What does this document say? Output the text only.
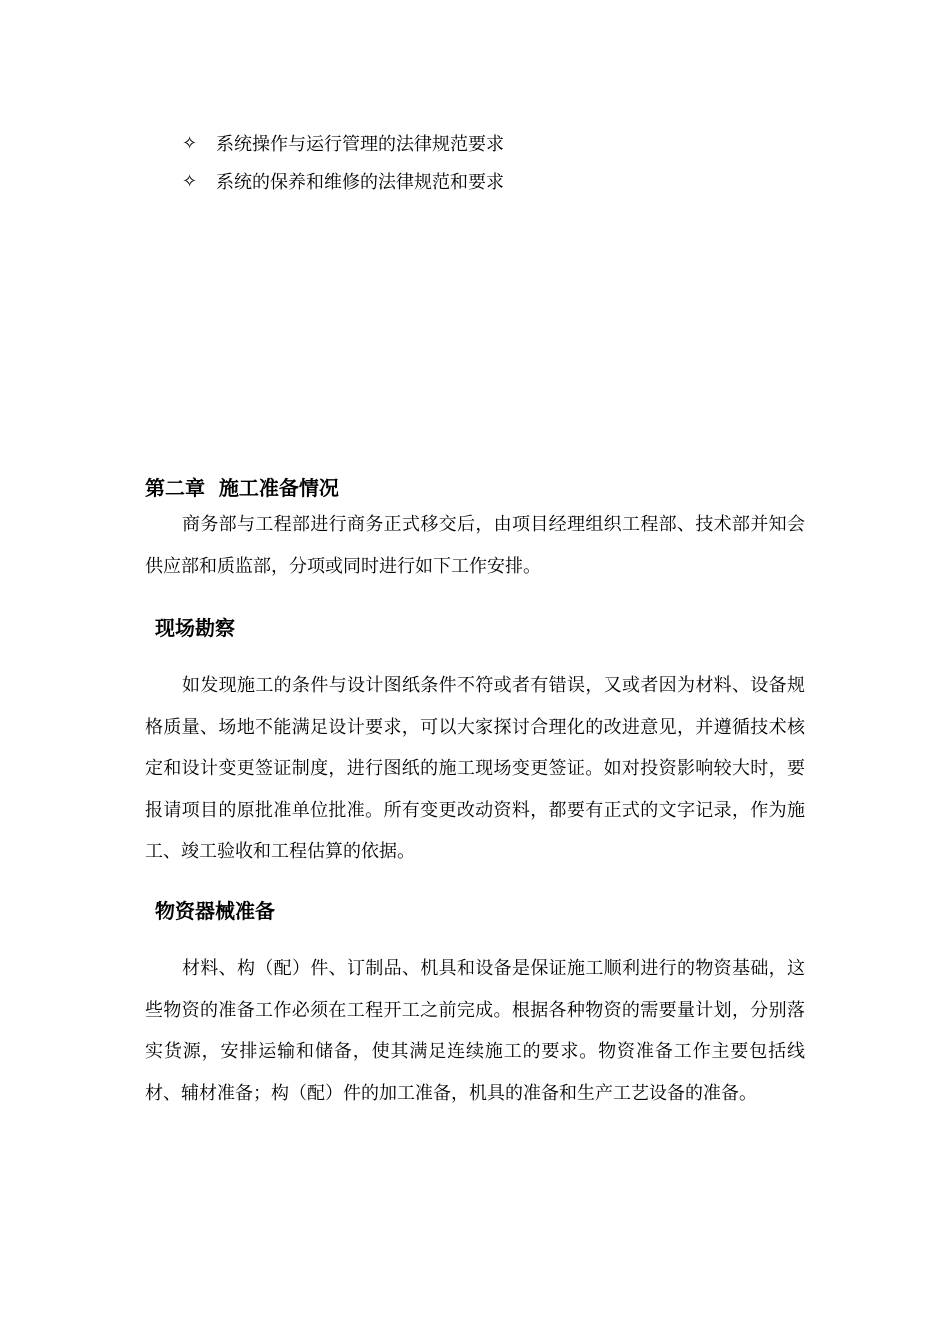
✧	系统操作与运行管理的法律规范要求
✧	系统的保养和维修的法律规范和要求
第二章  施工准备情况

商务部与工程部进行商务正式移交后，由项目经理组织工程部、技术部并知会供应部和质监部，分项或同时进行如下工作安排。

现场勘察

如发现施工的条件与设计图纸条件不符或者有错误，又或者因为材料、设备规格质量、场地不能满足设计要求，可以大家探讨合理化的改进意见，并遵循技术核定和设计变更签证制度，进行图纸的施工现场变更签证。如对投资影响较大时，要报请项目的原批准单位批准。所有变更改动资料，都要有正式的文字记录，作为施工、竣工验收和工程估算的依据。

物资器械准备

材料、构（配）件、订制品、机具和设备是保证施工顺利进行的物资基础，这些物资的准备工作必须在工程开工之前完成。根据各种物资的需要量计划，分别落实货源，安排运输和储备，使其满足连续施工的要求。物资准备工作主要包括线材、辅材准备；构（配）件的加工准备，机具的准备和生产工艺设备的准备。
